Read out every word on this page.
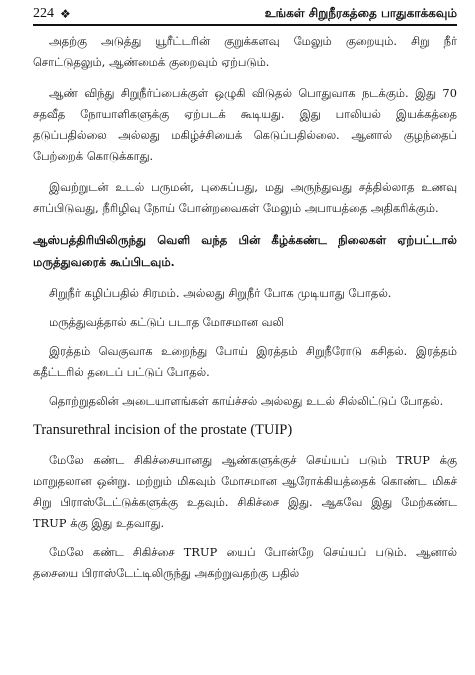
224 ❖	உங்கள் சிறுநீரகத்தை பாதுகாக்கவும்

அதற்கு அடுத்து யூரீட்டரின் குறுக்களவு மேலும் குறையும். சிறு நீர் சொட்டுதலும், ஆண்மைக் குறைவும் ஏற்படும்.

ஆண் விந்து சிறுநீர்ப்பைக்குள் ஒழுகி விடுதல் பொதுவாக நடக்கும். இது 70 சதவீத நோயாளிகளுக்கு ஏற்படக் கூடியது. இது பாலியல் இயக்கத்தை தடுப்பதில்லை அல்லது மகிழ்ச்சியைக் கெடுப்பதில்லை. ஆனால் குழந்தைப் பேற்றைக் கொடுக்காது.

இவற்றுடன் உடல் பருமன், புகைப்பது, மது அருந்துவது சத்தில்லாத உணவு சாப்பிடுவது, நீரிழிவு நோய் போன்றவைகள் மேலும் அபாயத்தை அதிகரிக்கும்.

ஆஸ்பத்திரியிலிருந்து வெளி வந்த பின் கீழ்க்கண்ட நிலைகள் ஏற்பட்டால் மருத்துவரைக் கூப்பிடவும்.

சிறுநீர் கழிப்பதில் சிரமம். அல்லது சிறுநீர் போக முடியாது போதல்.

மருத்துவத்தால் கட்டுப் படாத மோசமான வலி

இரத்தம் வெகுவாக உறைந்து போய் இரத்தம் சிறுநீரோடு கசிதல். இரத்தம் கதீட்டரில் தடைப் பட்டுப் போதல்.

தொற்றுதலின் அடையாளங்கள் காய்ச்சல் அல்லது உடல் சில்லிட்டுப் போதல்.

Transurethral incision of the prostate (TUIP)

மேலே கண்ட சிகிச்சையானது ஆண்களுக்குச் செய்யப் படும் TRUP க்கு மாறுதலான ஒன்று. மற்றும் மிகவும் மோசமான ஆரோக்கியத்தைக் கொண்ட மிகச் சிறு பிராஸ்டேட்டுக்களுக்கு உதவும். சிகிச்சை இது. ஆகவே இது மேற்கண்ட TRUP க்கு இது உதவாது.

மேலே கண்ட சிகிச்சை TRUP யைப் போன்றே செய்யப் படும். ஆனால் தசையை பிராஸ்டேட்டிலிருந்து அகற்றுவதற்கு பதில்
